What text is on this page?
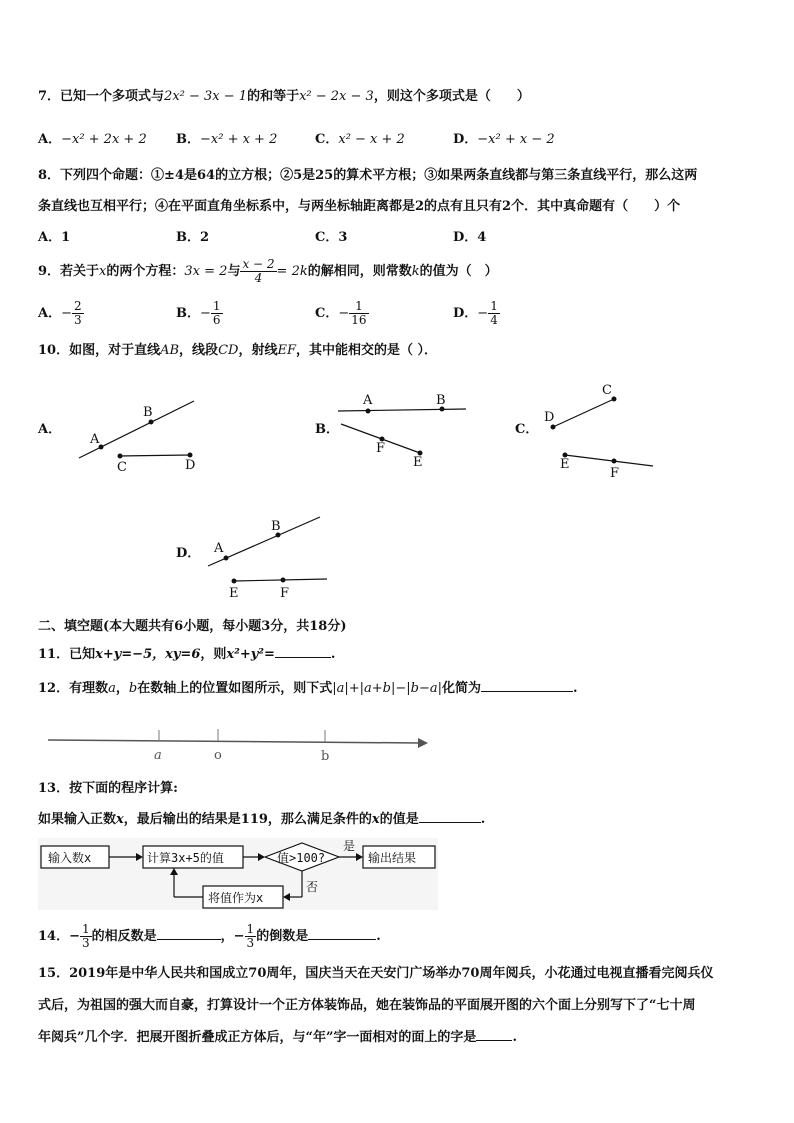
7．已知一个多项式与2x² − 3x − 1的和等于x² − 2x − 3，则这个多项式是（　　）
A．−x² + 2x + 2 B．−x² + x + 2	C．x² − x + 2	D．−x² + x − 2
8．下列四个命题：①±4是64的立方根；②5是25的算术平方根；③如果两条直线都与第三条直线平行，那么这两
条直线也互相平行；④在平面直角坐标系中，与两坐标轴距离都是2的点有且只有2个．其中真命题有（　　）个
A．1	B．2	C．3	D．4
9．若关于x的两个方程：3x = 2与 $\frac{x - 2}{4} = 2k$的解相同，则常数k的值为（　）
A．− $\frac{2}{3}$	B．− $\frac{1}{6}$	C．− $\frac{1}{16}$	D．− $\frac{1}{4}$
10．如图，对于直线AB，线段CD，射线EF，其中能相交的是（ ）．
A．	B．	C．
D．
A
B
C	D
A	B
F
E
D
C
E
F
A
B
E	F
a	o	b
输入数x	计算3x+5的值	值>100?
是
输出结果
否
将值作为x
二、填空题(本大题共有6小题，每小题3分，共18分)
11．已知x+y=−5，xy=6，则x²+y²=	.
12．有理数a，b在数轴上的位置如图所示，则下式|a|+|a+b|−|b−a|化简为	.
13．按下面的程序计算:
如果输入正数x，最后输出的结果是119，那么满足条件的x的值是	.
14．− $\frac{1}{3}$ 的相反数是	，− $\frac{1}{3}$ 的倒数是	.
15．2019年是中华人民共和国成立70周年，国庆当天在天安门广场举办70周年阅兵，小花通过电视直播看完阅兵仪
式后，为祖国的强大而自豪，打算设计一个正方体装饰品，她在装饰品的平面展开图的六个面上分别写下了“七十周
年阅兵”几个字．把展开图折叠成正方体后，与“年”字一面相对的面上的字是	.
